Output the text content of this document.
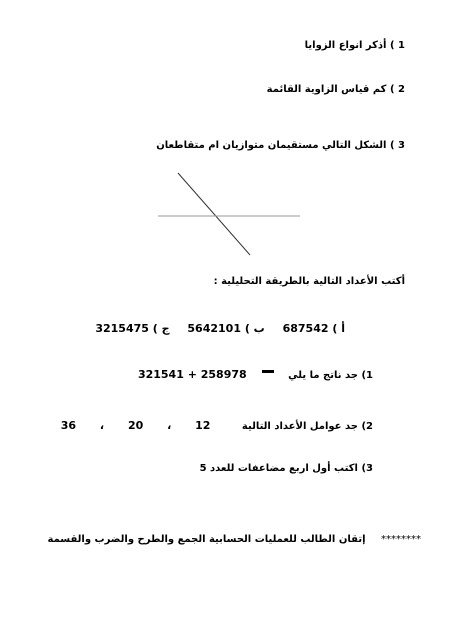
1 ) أذكر انواع الزوايا
2 ) كم قياس الزاوية القائمة
3 ) الشكل التالي مستقيمان متوازيان ام متقاطعان
أكتب الأعداد التالية بالطريقة التحليلية :
أ ) 687542 ب ) 5642101 ج ) 3215475
1) جد ناتج ما يلي 321541 + 258978
2) جد عوامل الأعداد التالية 12 ، 20 ، 36
3) اكتب أول اربع مضاعفات للعدد 5
******** إتقان الطالب للعمليات الحسابية الجمع والطرح والضرب والقسمة
